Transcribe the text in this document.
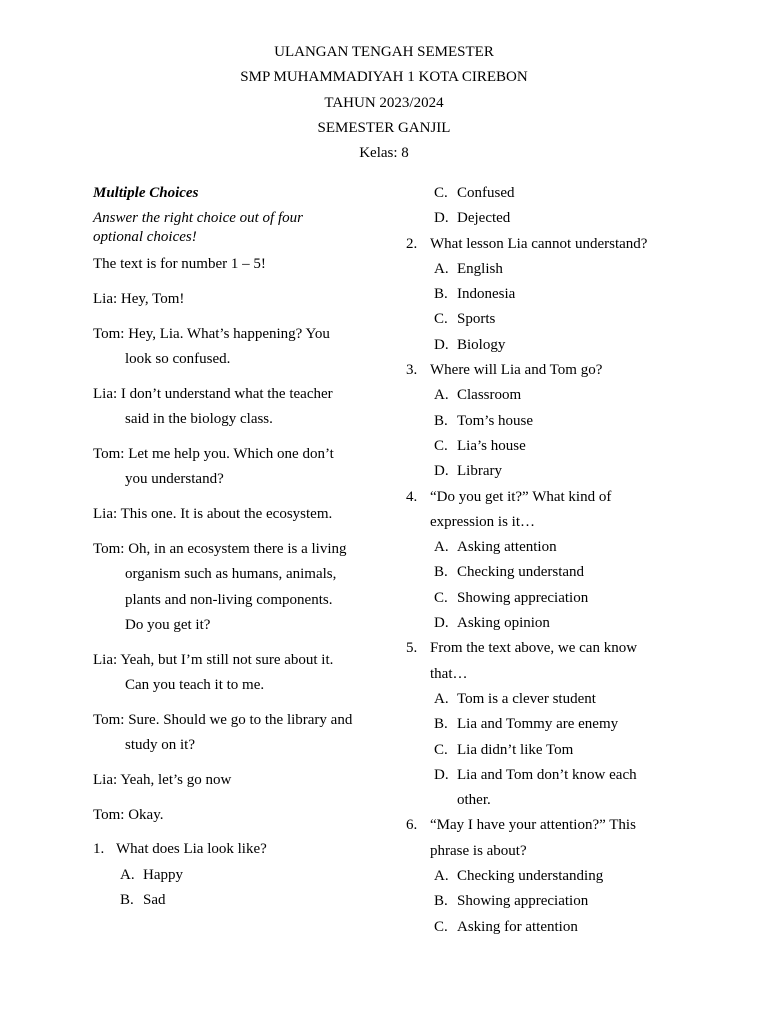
ULANGAN TENGAH SEMESTER
SMP MUHAMMADIYAH 1 KOTA CIREBON
TAHUN 2023/2024
SEMESTER GANJIL
Kelas: 8
Multiple Choices
Answer the right choice out of four
optional choices!
The text is for number 1 – 5!
Lia: Hey, Tom!
Tom: Hey, Lia. What’s happening? You
look so confused.
Lia: I don’t understand what the teacher
said in the biology class.
Tom: Let me help you. Which one don’t
you understand?
Lia: This one. It is about the ecosystem.
Tom: Oh, in an ecosystem there is a living
organism such as humans, animals,
plants and non-living components.
Do you get it?
Lia: Yeah, but I’m still not sure about it.
Can you teach it to me.
Tom: Sure. Should we go to the library and
study on it?
Lia: Yeah, let’s go now
Tom: Okay.
1. What does Lia look like?
A. Happy
B. Sad
C. Confused
D. Dejected
2. What lesson Lia cannot understand?
A. English
B. Indonesia
C. Sports
D. Biology
3. Where will Lia and Tom go?
A. Classroom
B. Tom’s house
C. Lia’s house
D. Library
4. “Do you get it?” What kind of
expression is it…
A. Asking attention
B. Checking understand
C. Showing appreciation
D. Asking opinion
5. From the text above, we can know
that…
A. Tom is a clever student
B. Lia and Tommy are enemy
C. Lia didn’t like Tom
D. Lia and Tom don’t know each
other.
6. “May I have your attention?” This
phrase is about?
A. Checking understanding
B. Showing appreciation
C. Asking for attention
